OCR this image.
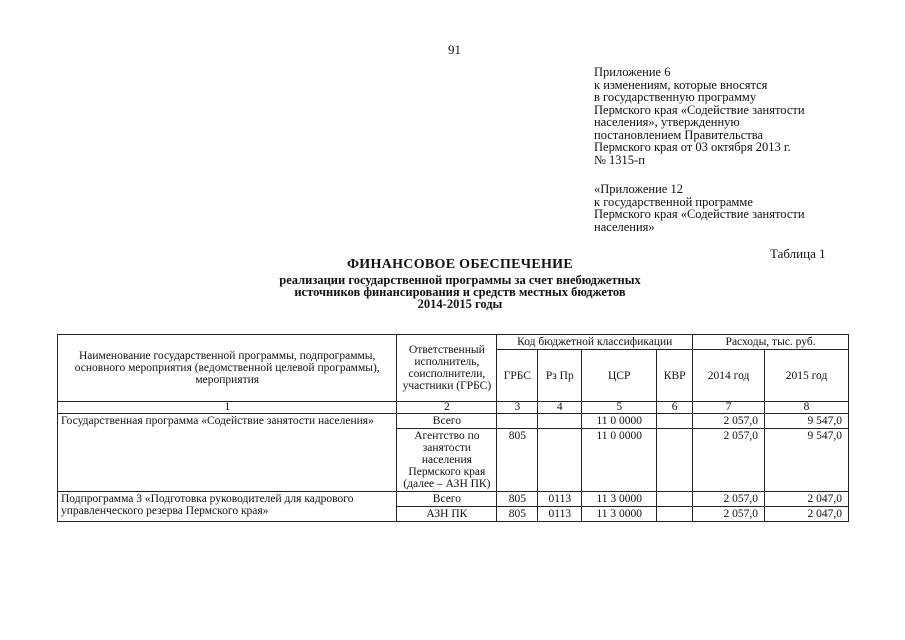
91
Приложение 6
к изменениям, которые вносятся
в государственную программу
Пермского края «Содействие занятости
населения», утвержденную
постановлением Правительства
Пермского края от 03 октября 2013 г.
№ 1315-п
«Приложение 12
к государственной программе
Пермского края «Содействие занятости
населения»
Таблица 1
ФИНАНСОВОЕ ОБЕСПЕЧЕНИЕ
реализации государственной программы за счет внебюджетных
источников финансирования и средств местных бюджетов
2014-2015 годы
Наименование государственной программы, подпрограммы, основного мероприятия (ведомственной целевой программы), мероприятия	Ответственный исполнитель, соисполнители, участники (ГРБС)	Код бюджетной классификации				Расходы, тыс. руб.	
		ГРБС	Рз Пр	ЦСР	КВР	2014 год	2015 год
1	2	3	4	5	6	7	8
Государственная программа «Содействие занятости населения»	Всего			11 0 0000		2 057,0	9 547,0
	Агентство по занятости населения Пермского края (далее – АЗН ПК)	805		11 0 0000		2 057,0	9 547,0
Подпрограмма 3 «Подготовка руководителей для кадрового управленческого резерва Пермского края»	Всего	805	0113	11 3 0000		2 057,0	2 047,0
	АЗН ПК	805	0113	11 3 0000		2 057,0	2 047,0
